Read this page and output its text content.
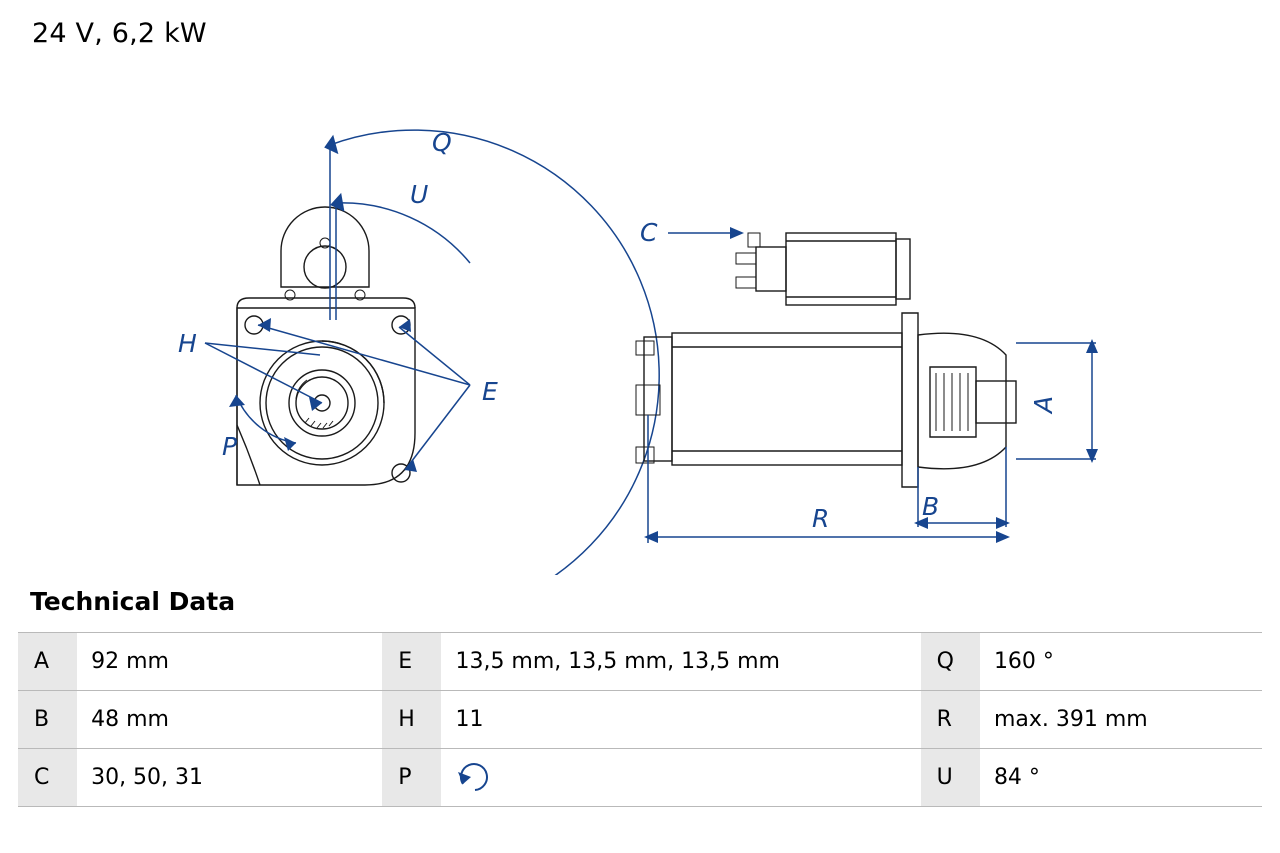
24 V, 6,2 kW
Q
U
E
H
P
A
B
R
C
Technical Data
A	92 mm	E	13,5 mm, 13,5 mm, 13,5 mm	Q	160 °
B	48 mm	H	11	R	max. 391 mm
C	30, 50, 31	P		U	84 °
